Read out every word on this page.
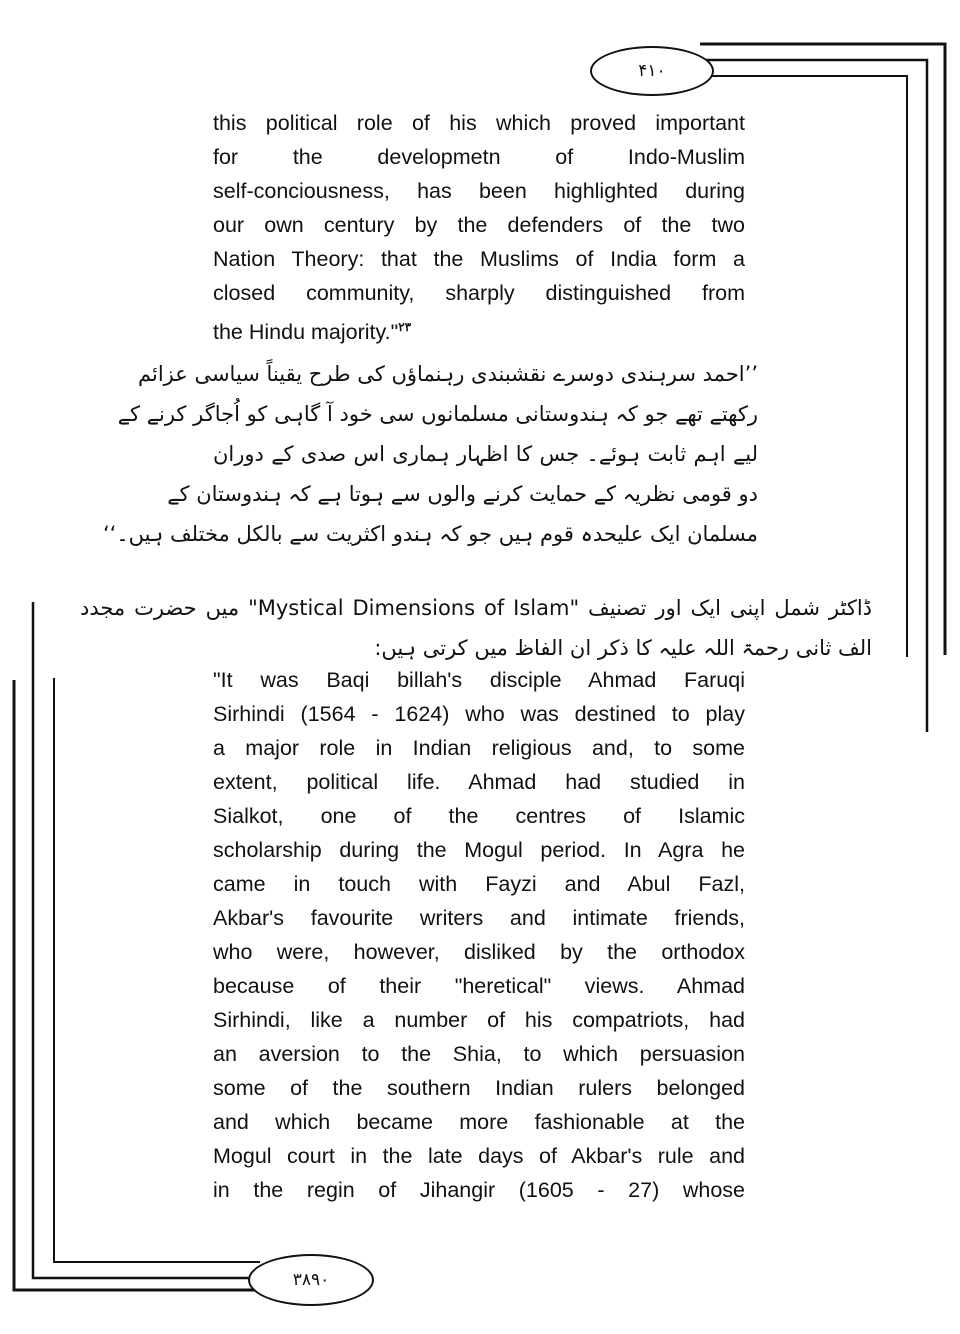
۴۱۰
۳۸۹۰
this political role of his which proved important
for the developmetn of Indo-Muslim
self-conciousness, has been highlighted during
our own century by the defenders of the two
Nation Theory: that the Muslims of India form a
closed community, sharply distinguished from
the Hindu majority."$^{۲۳}$
’’احمد سرہندی دوسرے نقشبندی رہنماؤں کی طرح یقیناً سیاسی عزائم
رکھتے تھے جو کہ ہندوستانی مسلمانوں سی خود آ گاہی کو اُجاگر کرنے کے
لیے اہم ثابت ہوئے۔ جس کا اظہار ہماری اس صدی کے دوران
دو قومی نظریہ کے حمایت کرنے والوں سے ہوتا ہے کہ ہندوستان کے
مسلمان ایک علیحدہ قوم ہیں جو کہ ہندو اکثریت سے بالکل مختلف ہیں۔‘‘
ڈاکٹر شمل اپنی ایک اور تصنیف "Mystical Dimensions of Islam" میں حضرت مجدد
الف ثانی رحمۃ اللہ علیہ کا ذکر ان الفاظ میں کرتی ہیں:
"It was Baqi billah's disciple Ahmad Faruqi
Sirhindi (1564 - 1624) who was destined to play
a major role in Indian religious and, to some
extent, political life. Ahmad had studied in
Sialkot, one of the centres of Islamic
scholarship during the Mogul period. In Agra he
came in touch with Fayzi and Abul Fazl,
Akbar's favourite writers and intimate friends,
who were, however, disliked by the orthodox
because of their "heretical" views. Ahmad
Sirhindi, like a number of his compatriots, had
an aversion to the Shia, to which persuasion
some of the southern Indian rulers belonged
and which became more fashionable at the
Mogul court in the late days of Akbar's rule and
in the regin of Jihangir (1605 - 27) whose
